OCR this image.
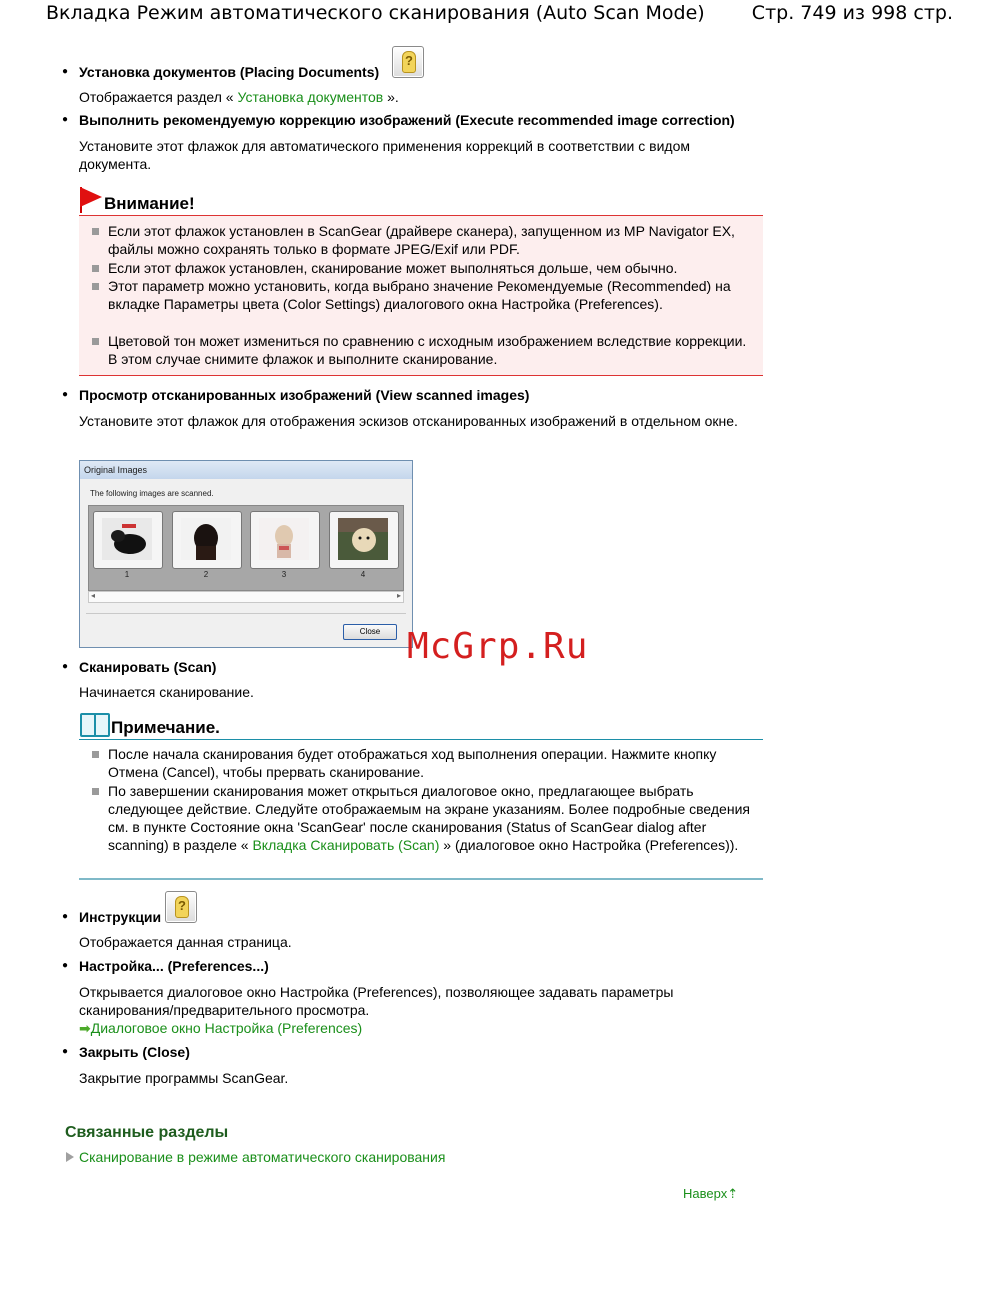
Вкладка Режим автоматического сканирования (Auto Scan Mode) Стр. 749 из 998 стр.
● Установка документов (Placing Documents)
?
Отображается раздел « Установка документов ».
● Выполнить рекомендуемую коррекцию изображений (Execute recommended image correction)
Установите этот флажок для автоматического применения коррекций в соответствии с видом документа.
Внимание!
Если этот флажок установлен в ScanGear (драйвере сканера), запущенном из MP Navigator EX, файлы можно сохранять только в формате JPEG/Exif или PDF.
Если этот флажок установлен, сканирование может выполняться дольше, чем обычно.
Этот параметр можно установить, когда выбрано значение Рекомендуемые (Recommended) на вкладке Параметры цвета (Color Settings) диалогового окна Настройка (Preferences).
Цветовой тон может измениться по сравнению с исходным изображением вследствие коррекции. В этом случае снимите флажок и выполните сканирование.
● Просмотр отсканированных изображений (View scanned images)
Установите этот флажок для отображения эскизов отсканированных изображений в отдельном окне.
Original Images
The following images are scanned.
1	2	3	4
◂	▸
Close McGrp.Ru
● Сканировать (Scan)
Начинается сканирование.
Примечание.
После начала сканирования будет отображаться ход выполнения операции. Нажмите кнопку Отмена (Cancel), чтобы прервать сканирование.
По завершении сканирования может открыться диалоговое окно, предлагающее выбрать следующее действие. Следуйте отображаемым на экране указаниям. Более подробные сведения см. в пункте Состояние окна 'ScanGear' после сканирования (Status of ScanGear dialog after scanning) в разделе « Вкладка Сканировать (Scan) » (диалоговое окно Настройка (Preferences)).
● Инструкции
?
Отображается данная страница.
● Настройка... (Preferences...)
Открывается диалоговое окно Настройка (Preferences), позволяющее задавать параметры сканирования/предварительного просмотра.
➡Диалоговое окно Настройка (Preferences)
● Закрыть (Close)
Закрытие программы ScanGear.
Связанные разделы
Сканирование в режиме автоматического сканирования
Наверх⇡
